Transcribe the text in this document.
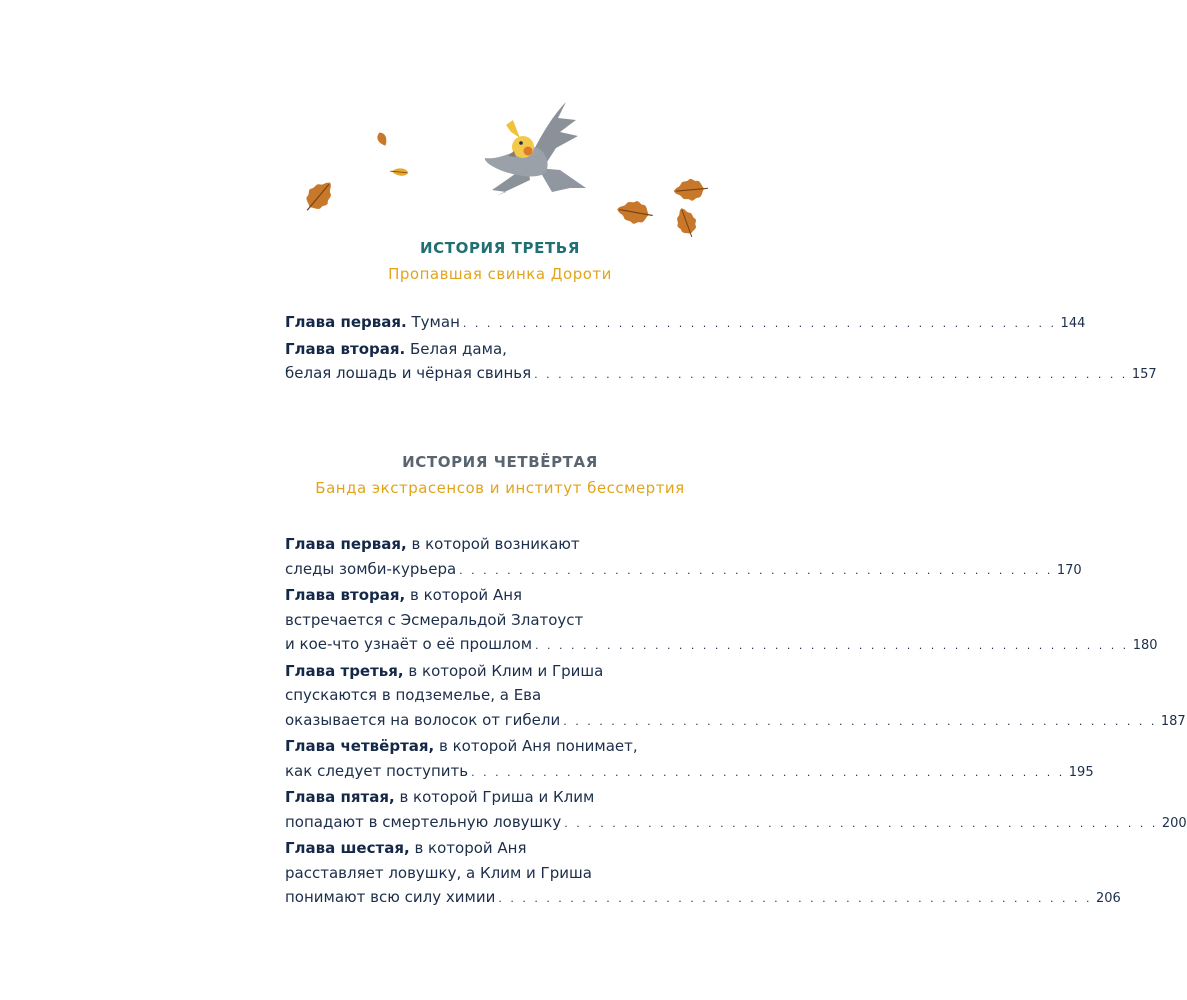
ИСТОРИЯ ТРЕТЬЯ
Пропавшая свинка Дороти
Глава первая.
Туман . . . . . . . . . . . . . . . . . . . . . . . . . . . . . . . . . . . . . . . . . . . . . . . . . . 144
Глава вторая.
Белая дама,
белая лошадь и чёрная свинья . . . . . . . . . . . . . . . . . . . . . . . . . . . . . . . . . . . . . . . . . . . . . . . . . . 157
ИСТОРИЯ ЧЕТВЁРТАЯ
Банда экстрасенсов и институт бессмертия
Глава первая,
в которой возникают
следы зомби-курьера . . . . . . . . . . . . . . . . . . . . . . . . . . . . . . . . . . . . . . . . . . . . . . . . . . 170
Глава вторая,
в которой Аня
встречается с Эсмеральдой Златоуст
и кое-что узнаёт о её прошлом . . . . . . . . . . . . . . . . . . . . . . . . . . . . . . . . . . . . . . . . . . . . . . . . . . 180
Глава третья,
в которой Клим и Гриша
спускаются в подземелье, а Ева
оказывается на волосок от гибели . . . . . . . . . . . . . . . . . . . . . . . . . . . . . . . . . . . . . . . . . . . . . . . . . . 187
Глава четвёртая,
в которой Аня понимает,
как следует поступить . . . . . . . . . . . . . . . . . . . . . . . . . . . . . . . . . . . . . . . . . . . . . . . . . . 195
Глава пятая,
в которой Гриша и Клим
попадают в смертельную ловушку . . . . . . . . . . . . . . . . . . . . . . . . . . . . . . . . . . . . . . . . . . . . . . . . . . 200
Глава шестая,
в которой Аня
расставляет ловушку, а Клим и Гриша
понимают всю силу химии . . . . . . . . . . . . . . . . . . . . . . . . . . . . . . . . . . . . . . . . . . . . . . . . . . 206
